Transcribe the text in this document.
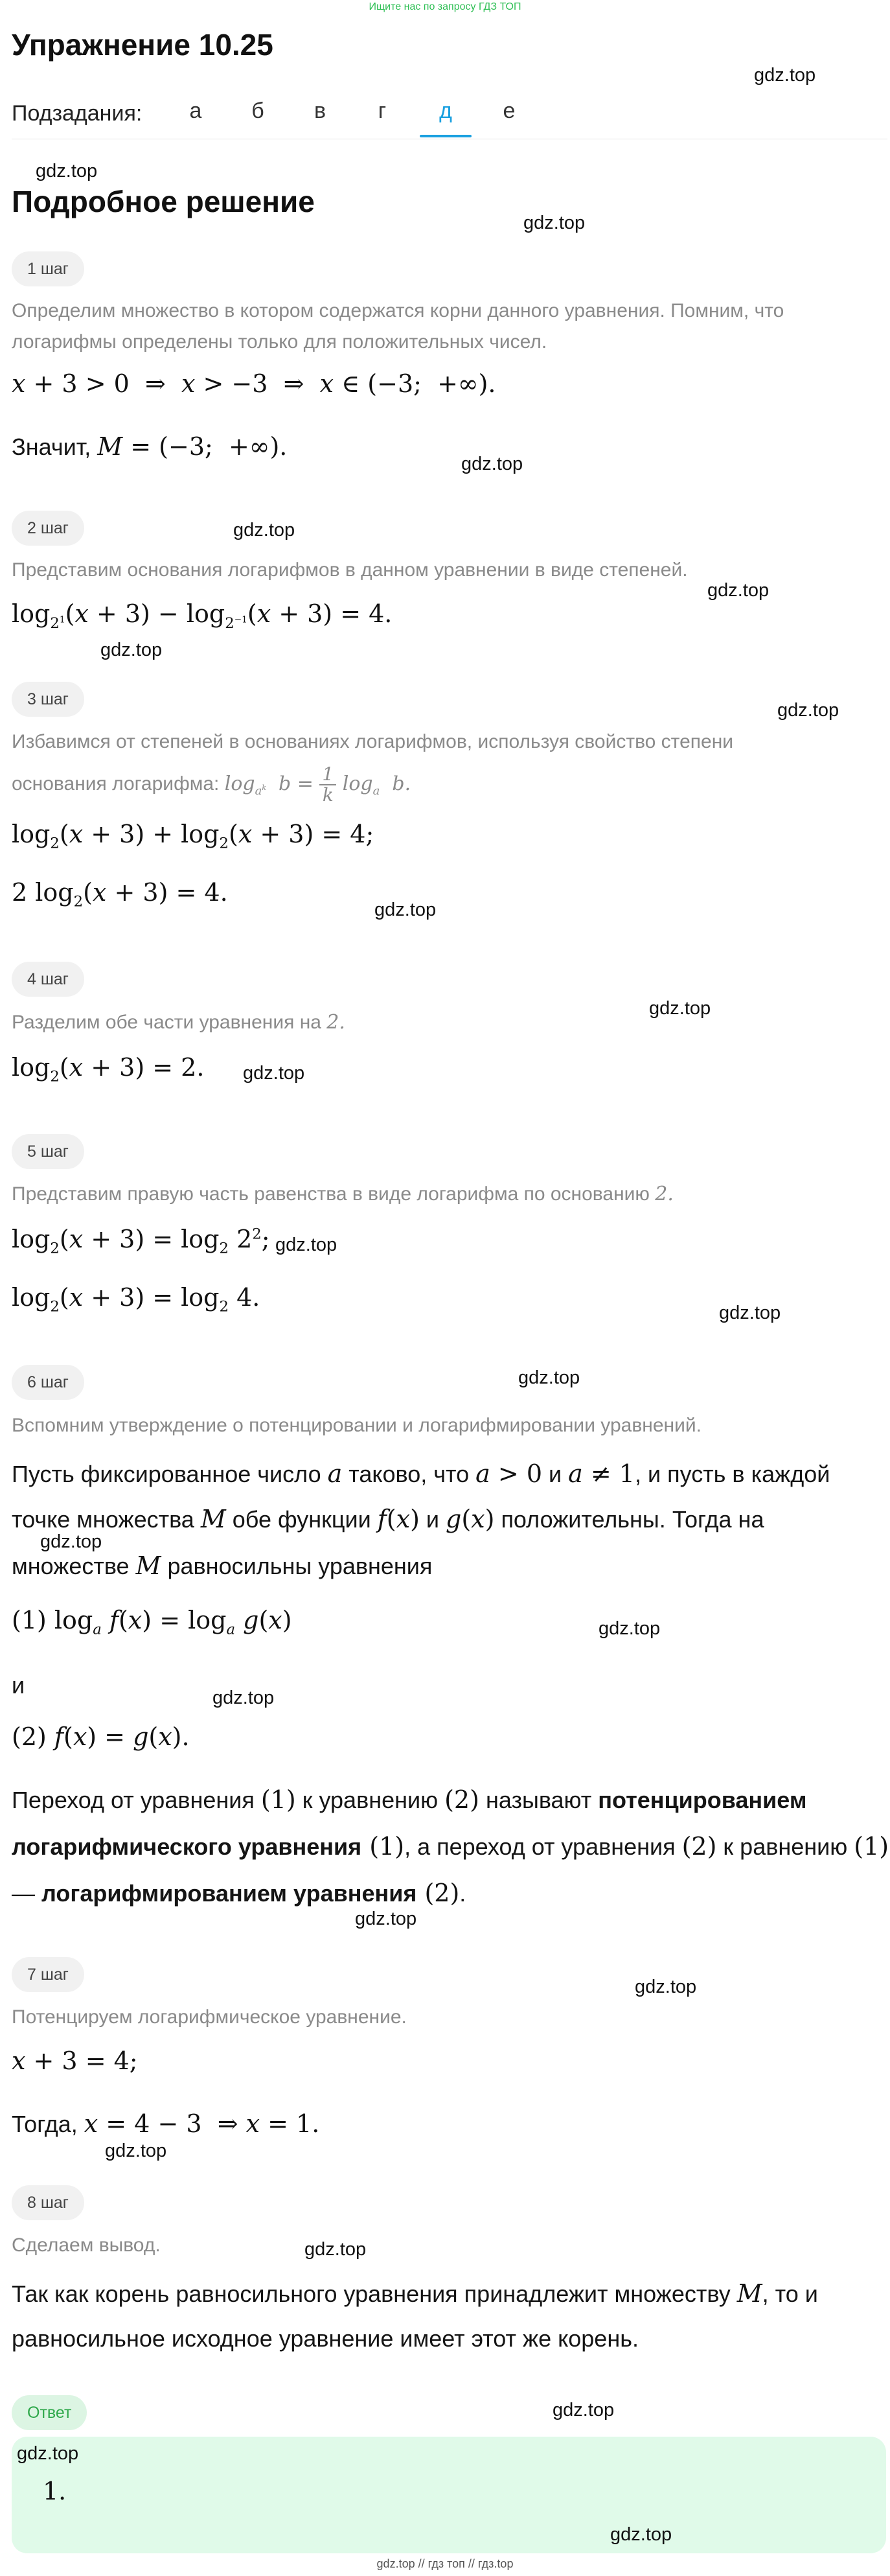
Ищите нас по запросу ГДЗ ТОП
Упражнение 10.25
gdz.top
Подзадания:	а	б	в	г	д	е
gdz.top
Подробное решение
gdz.top
1 шаг
Определим множество в котором содержатся корни данного уравнения. Помним, что
логарифмы определены только для положительных чисел.
x + 3 > 0  ⇒  x > −3  ⇒  x ∈ (−3;  +∞).
Значит, M = (−3;  +∞).
gdz.top
2 шаг	gdz.top
Представим основания логарифмов в данном уравнении в виде степеней.
gdz.top
$\log_{2^1}(x + 3) - \log_{2^{-1}}(x + 3) = 4$.
gdz.top
3 шаг
gdz.top
Избавимся от степеней в основаниях логарифмов, используя свойство степени
основания логарифма: $\log_{a^k} b = \frac{1}{k} \log_a b$.
$\log_2(x + 3) + \log_2(x + 3) = 4$;
2 $\log_2(x + 3) = 4$.
gdz.top
4 шаг
gdz.top
Разделим обе части уравнения на 2.
$\log_2(x + 3) = 2$. gdz.top
5 шаг
Представим правую часть равенства в виде логарифма по основанию 2.
$\log_2(x + 3) = \log_2 2^2$; gdz.top
$\log_2(x + 3) = \log_2 4$.
gdz.top
gdz.top
6 шаг
Вспомним утверждение о потенцировании и логарифмировании уравнений.
Пусть фиксированное число a таково, что a > 0 и a ≠ 1, и пусть в каждой
точке множества M обе функции f(x) и g(x) положительны. Тогда на
gdz.top
множестве M равносильны уравнения
(1) $\log_a f(x) = \log_a g(x)$	gdz.top
и	gdz.top
(2) f(x) = g(x).
Переход от уравнения (1) к уравнению (2) называют потенцированием
логарифмического уравнения (1), а переход от уравнения (2) к равнению (1)
— логарифмированием уравнения (2).
gdz.top
7 шаг
gdz.top
Потенцируем логарифмическое уравнение.
x + 3 = 4;
Тогда, x = 4 − 3  ⇒ x = 1.
gdz.top
8 шаг
gdz.top
Сделаем вывод.
Так как корень равносильного уравнения принадлежит множеству M, то и
равносильное исходное уравнение имеет этот же корень.
Ответ	gdz.top
gdz.top
1.
gdz.top
gdz.top // гдз топ // гдз.top
